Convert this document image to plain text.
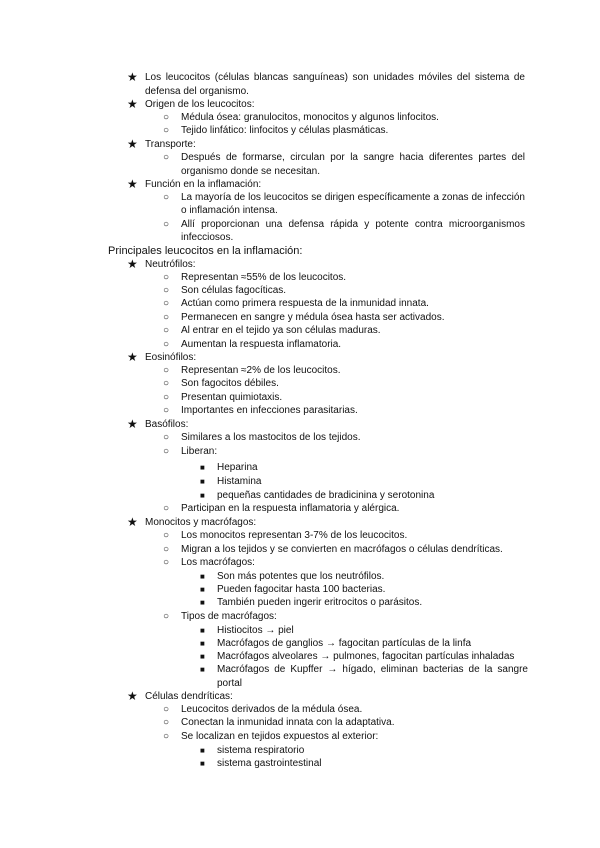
★ Los leucocitos (células blancas sanguíneas) son unidades móviles del sistema de
defensa del organismo.
★ Origen de los leucocitos:
○ Médula ósea: granulocitos, monocitos y algunos linfocitos.
○ Tejido linfático: linfocitos y células plasmáticas.
★ Transporte:
○ Después de formarse, circulan por la sangre hacia diferentes partes del
organismo donde se necesitan.
★ Función en la inflamación:
○ La mayoría de los leucocitos se dirigen específicamente a zonas de infección
o inflamación intensa.
○ Allí proporcionan una defensa rápida y potente contra microorganismos
infecciosos.
Principales leucocitos en la inflamación:
★ Neutrófilos:
○ Representan ≈55% de los leucocitos.
○ Son células fagocíticas.
○ Actúan como primera respuesta de la inmunidad innata.
○ Permanecen en sangre y médula ósea hasta ser activados.
○ Al entrar en el tejido ya son células maduras.
○ Aumentan la respuesta inflamatoria.
★ Eosinófilos:
○ Representan ≈2% de los leucocitos.
○ Son fagocitos débiles.
○ Presentan quimiotaxis.
○ Importantes en infecciones parasitarias.
★ Basófilos:
○ Similares a los mastocitos de los tejidos.
○ Liberan:
■ Heparina
■ Histamina
■ pequeñas cantidades de bradicinina y serotonina
○ Participan en la respuesta inflamatoria y alérgica.
★ Monocitos y macrófagos:
○ Los monocitos representan 3-7% de los leucocitos.
○ Migran a los tejidos y se convierten en macrófagos o células dendríticas.
○ Los macrófagos:
■ Son más potentes que los neutrófilos.
■ Pueden fagocitar hasta 100 bacterias.
■ También pueden ingerir eritrocitos o parásitos.
○ Tipos de macrófagos:
■ Histiocitos → piel
■ Macrófagos de ganglios → fagocitan partículas de la linfa
■ Macrófagos alveolares → pulmones, fagocitan partículas inhaladas
■ Macrófagos de Kupffer → hígado, eliminan bacterias de la sangre
portal
★ Células dendríticas:
○ Leucocitos derivados de la médula ósea.
○ Conectan la inmunidad innata con la adaptativa.
○ Se localizan en tejidos expuestos al exterior:
■ sistema respiratorio
■ sistema gastrointestinal
